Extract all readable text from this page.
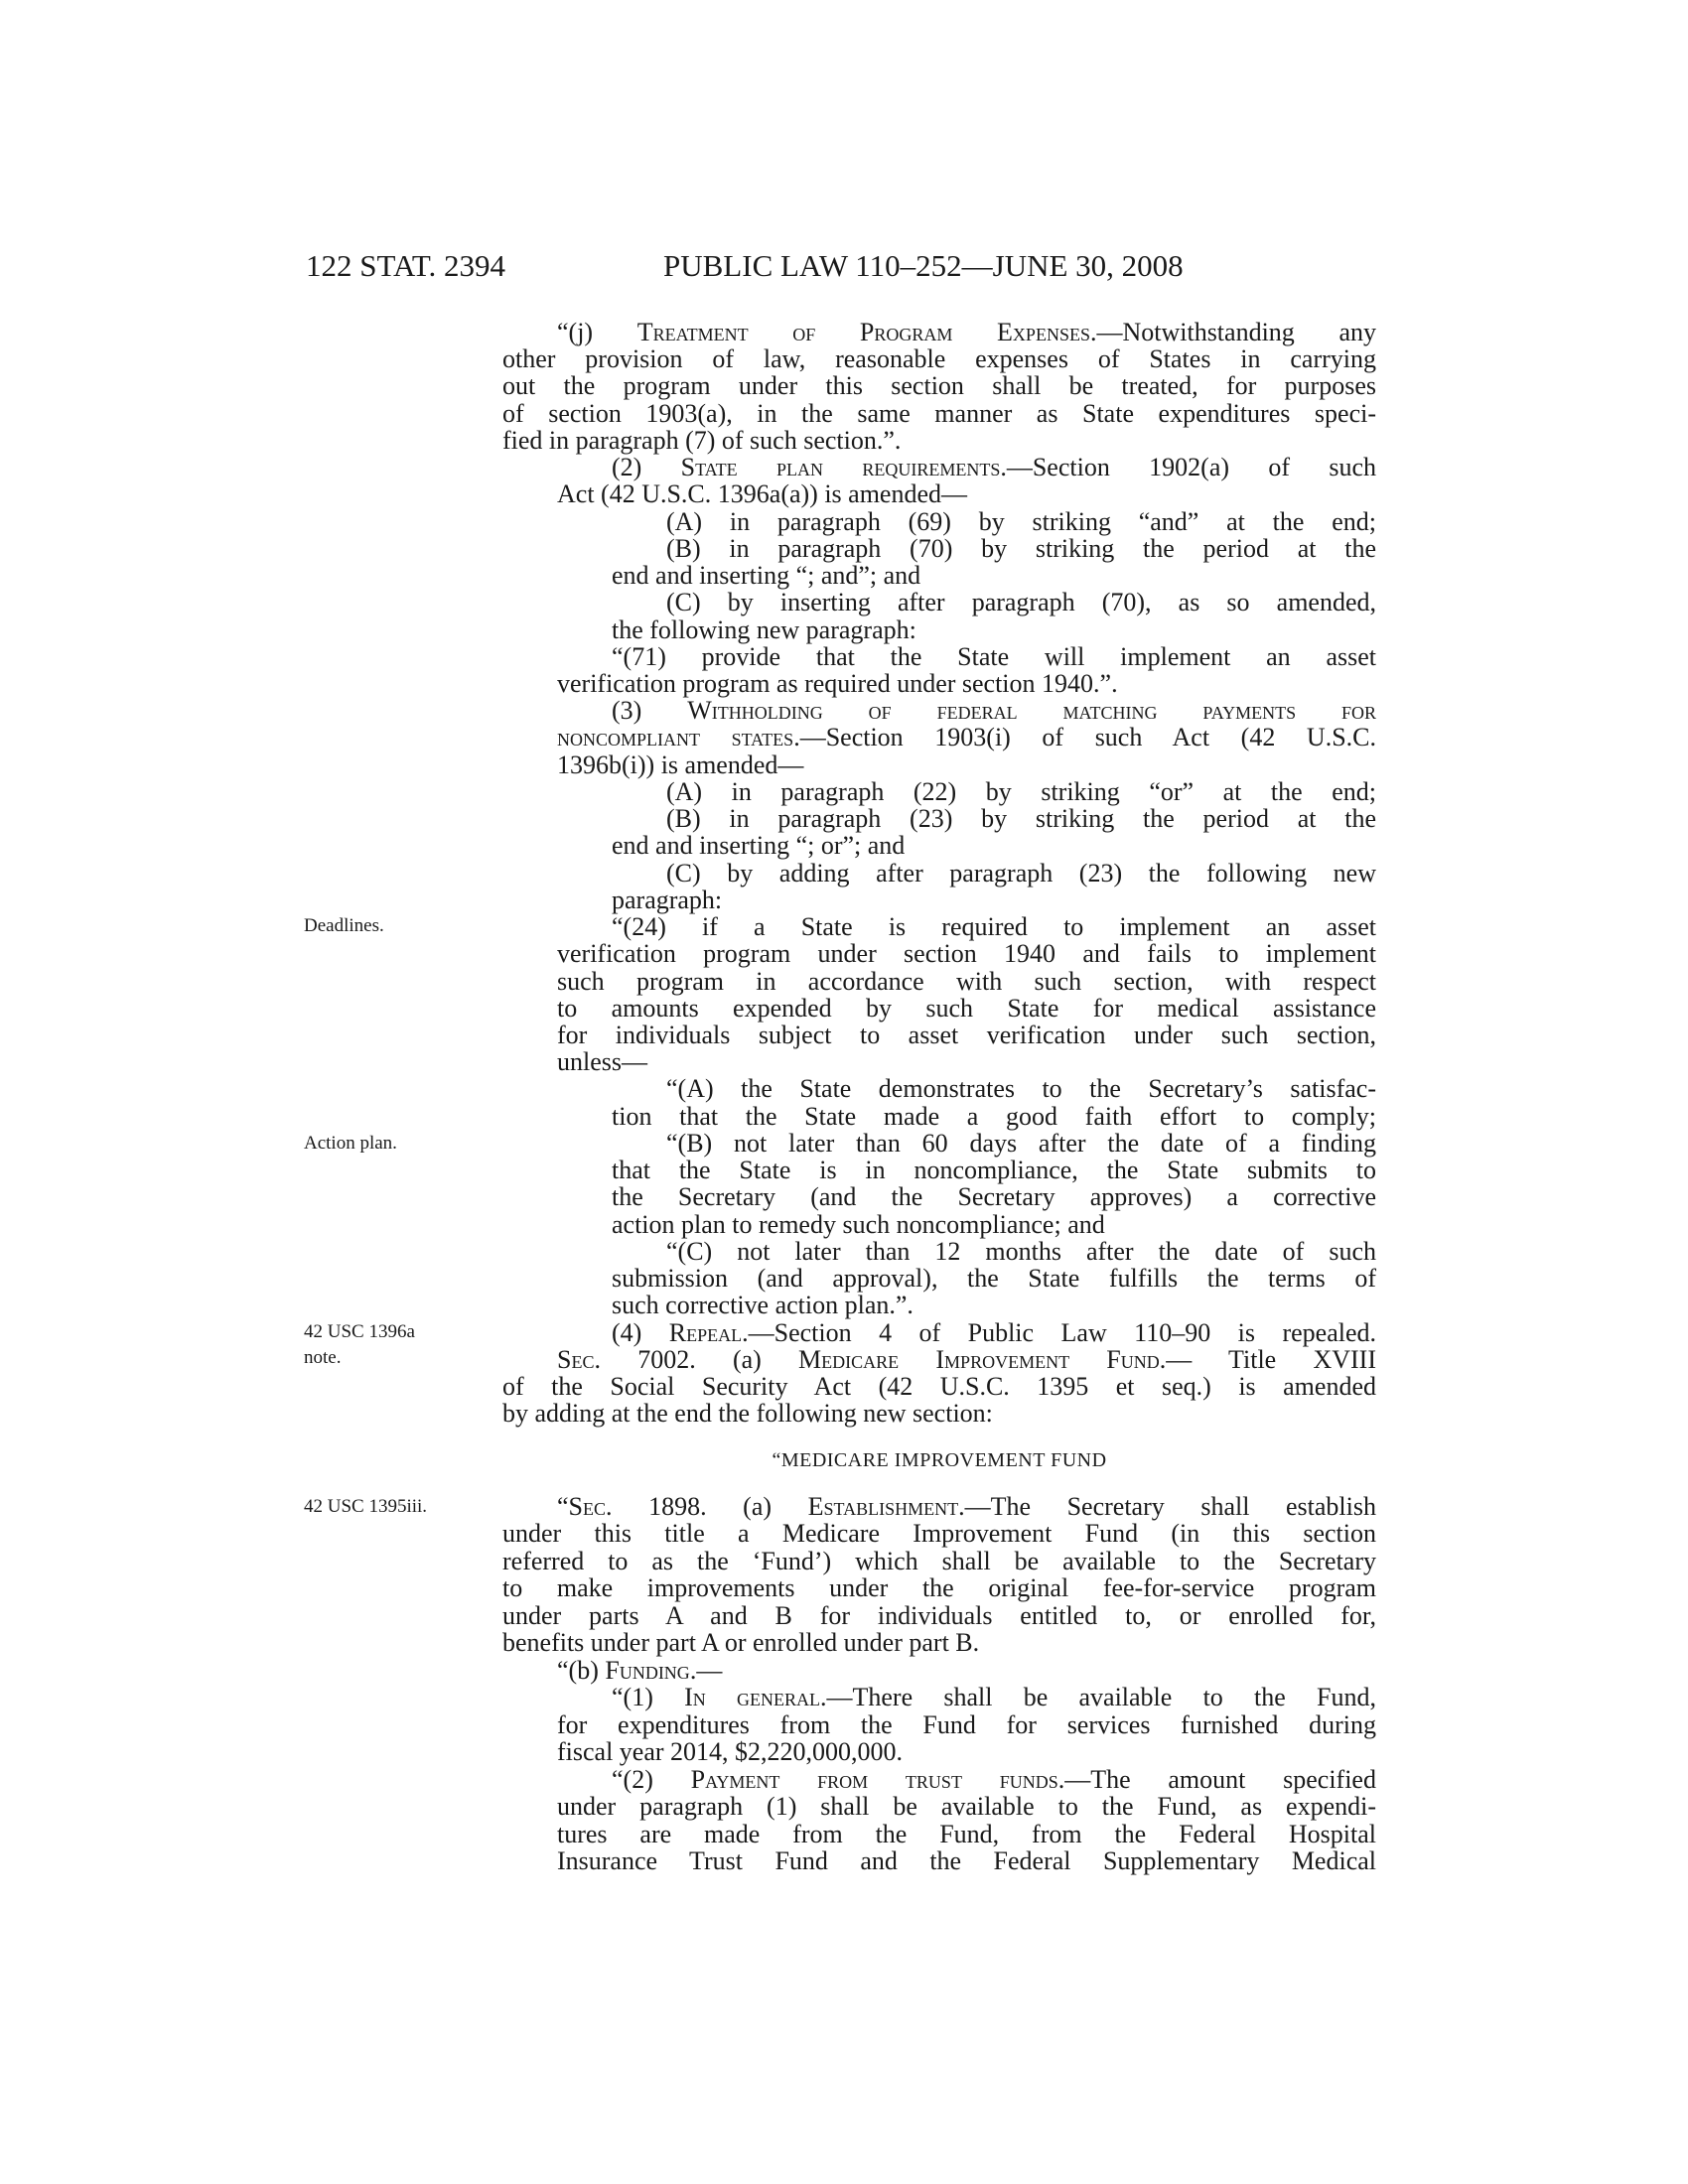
122 STAT. 2394	PUBLIC LAW 110–252—JUNE 30, 2008
Deadlines.
Action plan.
42 USC 1396a
note.
42 USC 1395iii.
“(j) Treatment of Program Expenses.—Notwithstanding any
other provision of law, reasonable expenses of States in carrying
out the program under this section shall be treated, for purposes
of section 1903(a), in the same manner as State expenditures speci-
fied in paragraph (7) of such section.”.
(2) State plan requirements.—Section 1902(a) of such
Act (42 U.S.C. 1396a(a)) is amended—
(A) in paragraph (69) by striking “and” at the end;
(B) in paragraph (70) by striking the period at the
end and inserting “; and”; and
(C) by inserting after paragraph (70), as so amended,
the following new paragraph:
“(71) provide that the State will implement an asset
verification program as required under section 1940.”.
(3) Withholding of federal matching payments for
noncompliant states.—Section 1903(i) of such Act (42 U.S.C.
1396b(i)) is amended—
(A) in paragraph (22) by striking “or” at the end;
(B) in paragraph (23) by striking the period at the
end and inserting “; or”; and
(C) by adding after paragraph (23) the following new
paragraph:
“(24) if a State is required to implement an asset
verification program under section 1940 and fails to implement
such program in accordance with such section, with respect
to amounts expended by such State for medical assistance
for individuals subject to asset verification under such section,
unless—
“(A) the State demonstrates to the Secretary’s satisfac-
tion that the State made a good faith effort to comply;
“(B) not later than 60 days after the date of a finding
that the State is in noncompliance, the State submits to
the Secretary (and the Secretary approves) a corrective
action plan to remedy such noncompliance; and
“(C) not later than 12 months after the date of such
submission (and approval), the State fulfills the terms of
such corrective action plan.”.
(4) Repeal.—Section 4 of Public Law 110–90 is repealed.
Sec. 7002. (a) Medicare Improvement Fund.— Title XVIII
of the Social Security Act (42 U.S.C. 1395 et seq.) is amended
by adding at the end the following new section:
“MEDICARE IMPROVEMENT FUND
“Sec. 1898. (a) Establishment.—The Secretary shall establish
under this title a Medicare Improvement Fund (in this section
referred to as the ‘Fund’) which shall be available to the Secretary
to make improvements under the original fee-for-service program
under parts A and B for individuals entitled to, or enrolled for,
benefits under part A or enrolled under part B.
“(b) Funding.—
“(1) In general.—There shall be available to the Fund,
for expenditures from the Fund for services furnished during
fiscal year 2014, $2,220,000,000.
“(2) Payment from trust funds.—The amount specified
under paragraph (1) shall be available to the Fund, as expendi-
tures are made from the Fund, from the Federal Hospital
Insurance Trust Fund and the Federal Supplementary Medical
